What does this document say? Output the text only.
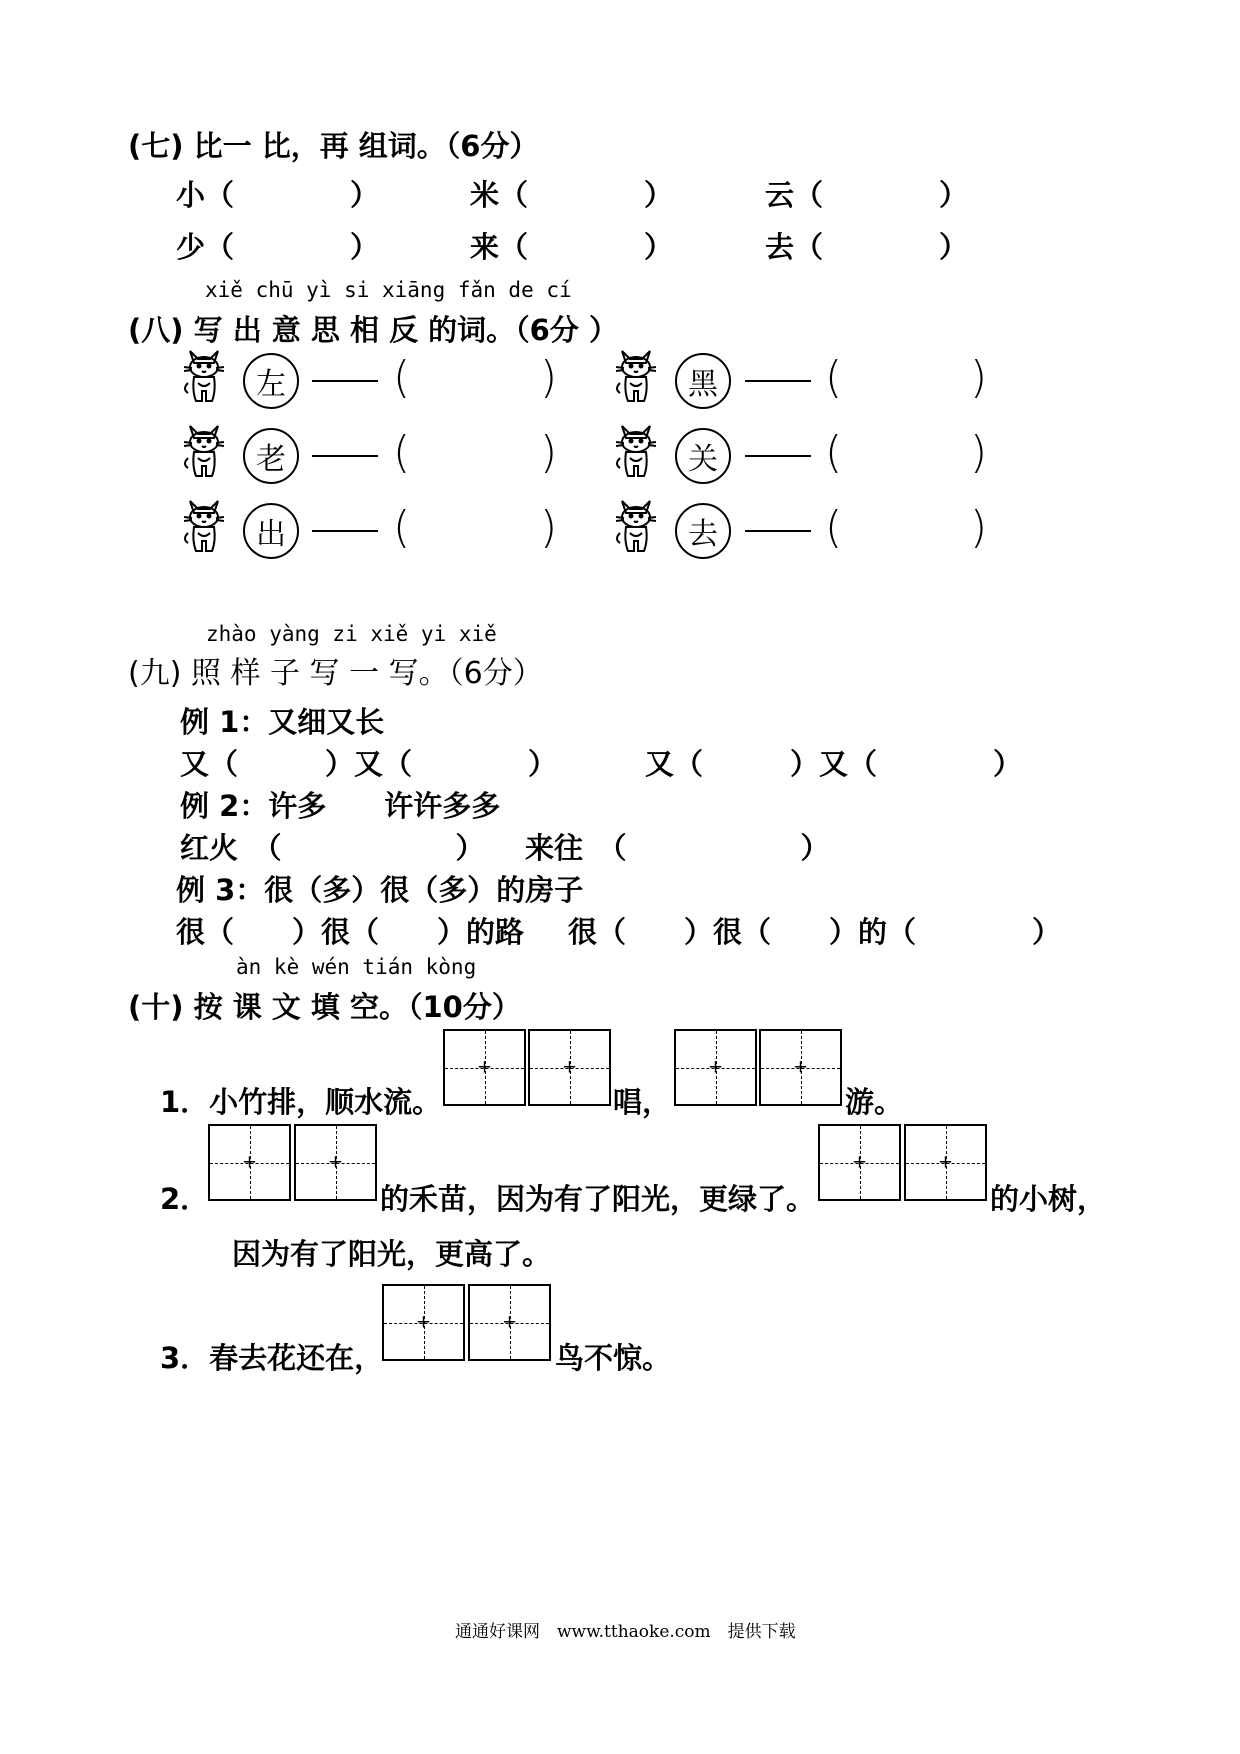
(七) 比一 比，再 组词。（6分）
小（　　　　）	米（　　　　）	云（　　　　）
少（　　　　）	来（　　　　）	去（　　　　）
xiě chū yì si xiāng fǎn de cí
(八) 写 出 意 思 相 反 的词。（6分 ）
左 (	)	黑 (	)
老 (	)	关 (	)
出 (	)	去 (	)
zhào yàng zi xiě yi xiě
(九) 照 样 子 写 一 写。（6分）
例 1：又细又长
又（　　　）又（　　　　）	又（　　　）又（　　　　）
例 2：许多　　许许多多
红火　（　　　　　　） 来往　（　　　　　　）
例 3：很（多）很（多）的房子
很（　　）很（　　）的路 很（　　）很（　　）的（　　　　）
àn kè wén tián kòng
(十) 按 课 文 填 空。（10分）
1．小竹排，顺水流。
+	+
唱，
+	+
游。
2．
+	+
的禾苗，因为有了阳光，更绿了。
+	+
的小树，
因为有了阳光，更高了。
3．春去花还在，
+	+
鸟不惊。
通通好课网　www.tthaoke.com　提供下载
